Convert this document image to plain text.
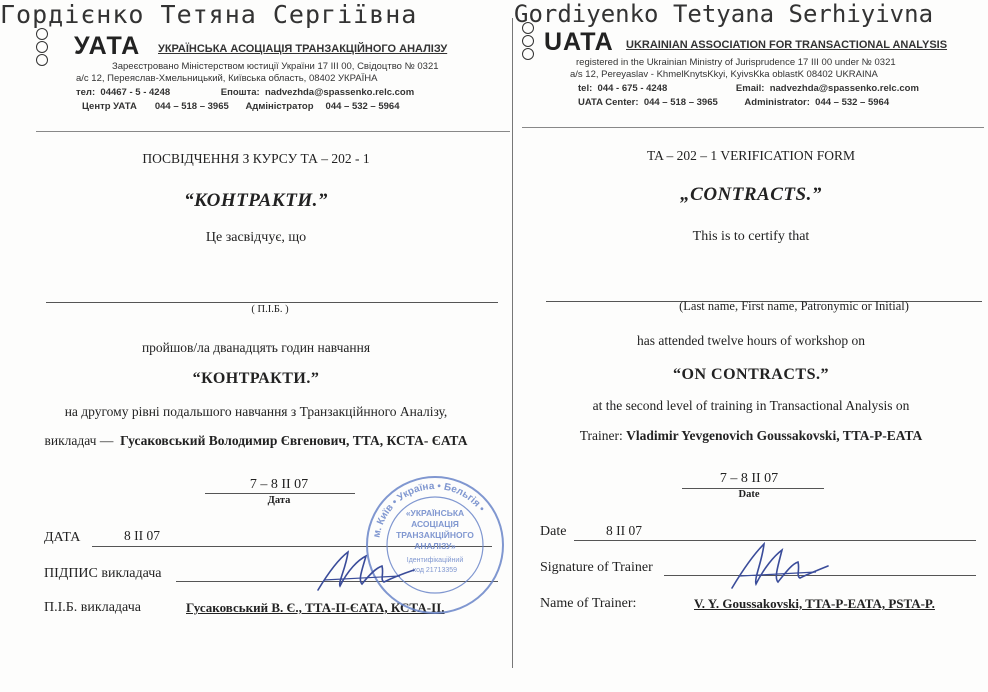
УАТА УКРАЇНСЬКА АСОЦІАЦІЯ ТРАНЗАКЦІЙНОГО АНАЛІЗУ
Зареєстровано Міністерством юстиції України 17 III 00, Свідоцтво № 0321
а/с 12, Переяслав-Хмельницький, Київська область, 08402 УКРАЇНА
тел: 04467 - 5 - 4248	Епошта: nadvezhda@spassenko.relc.com
Центр УАТА 044 – 518 – 3965 Адміністратор 044 – 532 – 5964
ПОСВІДЧЕННЯ З КУРСУ ТА – 202 - 1
“КОНТРАКТИ.”
Це засвідчує, що
Гордієнко Тетяна Сергіївна
( П.І.Б. )
пройшов/ла дванадцять годин навчання
“КОНТРАКТИ.”
на другому рівні подальшого навчання з Транзакційнного Аналізу,
викладач — Гусаковський Володимир Євгенович, ТТА, КСТА- ЄАТА
7 – 8 II 07
Дата
ДАТА	8 II 07
ПІДПИС викладача
П.І.Б. викладача	Гусаковський В. Є., ТТА-П-ЄАТА, КСТА-ІІ.
UATA UKRAINIAN ASSOCIATION FOR TRANSACTIONAL ANALYSIS
registered in the Ukrainian Ministry of Jurisprudence 17 III 00 under № 0321
a/s 12, Pereyaslav - KhmelKnytsKkyi, KyivsKka oblastK 08402 UKRAINA
tel: 044 - 675 - 4248	Email: nadvezhda@spassenko.relc.com
UATA Center: 044 – 518 – 3965	Administrator: 044 – 532 – 5964
TA – 202 – 1 VERIFICATION FORM
„CONTRACTS.”
This is to certify that
Gordiyenko Tetyana Serhiyivna
(Last name, First name, Patronymic or Initial)
has attended twelve hours of workshop on
“ON CONTRACTS.”
at the second level of training in Transactional Analysis on
Trainer: Vladimir Yevgenovich Goussakovski, TTA-P-EATA
7 – 8 II 07
Date
Date	8 II 07
Signature of Trainer
Name of Trainer:	V. Y. Goussakovski, TTA-P-EATA, PSTA-P.
м. Київ • Україна • Бельгія •
«УКРАЇНСЬКА
АСОЦІАЦІЯ
ТРАНЗАКЦІЙНОГО
АНАЛІЗУ»
Ідентифікаційний
код 21713359
